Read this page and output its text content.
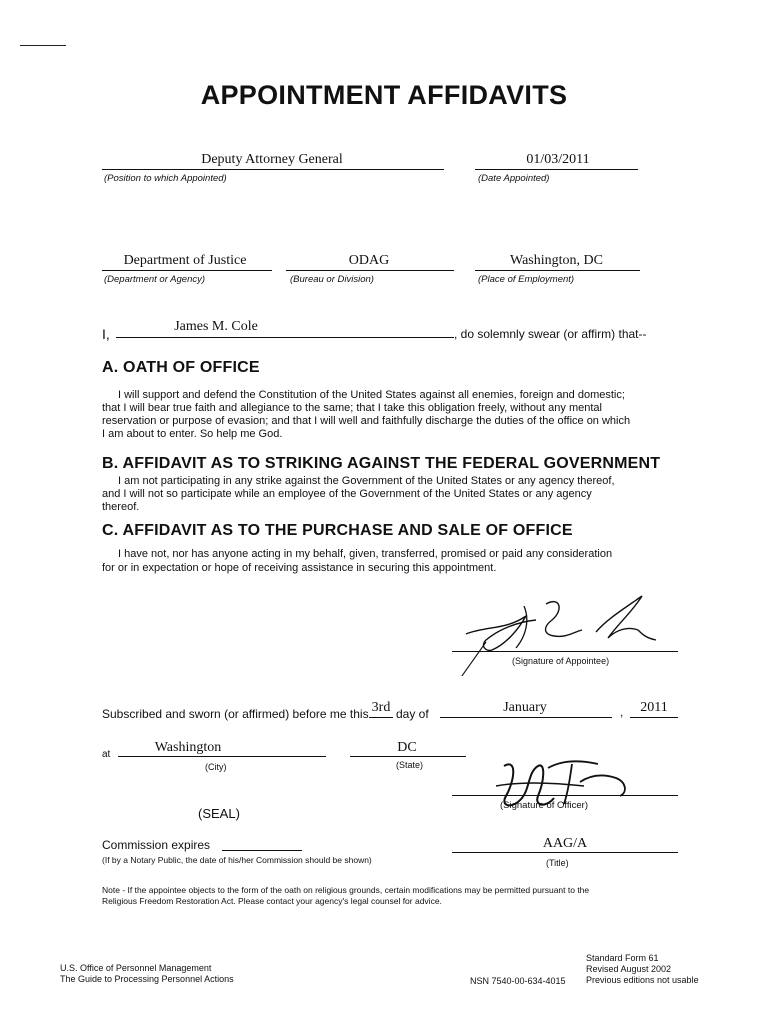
APPOINTMENT AFFIDAVITS
Deputy Attorney General
(Position to which Appointed)
01/03/2011
(Date Appointed)
Department of Justice
(Department or Agency)
ODAG
(Bureau or Division)
Washington, DC
(Place of Employment)
I,	James M. Cole	, do solemnly swear (or affirm) that--
A. OATH OF OFFICE
I will support and defend the Constitution of the United States against all enemies, foreign and domestic;
that I will bear true faith and allegiance to the same; that I take this obligation freely, without any mental
reservation or purpose of evasion; and that I will well and faithfully discharge the duties of the office on which
I am about to enter. So help me God.
B. AFFIDAVIT AS TO STRIKING AGAINST THE FEDERAL GOVERNMENT
I am not participating in any strike against the Government of the United States or any agency thereof,
and I will not so participate while an employee of the Government of the United States or any agency
thereof.
C. AFFIDAVIT AS TO THE PURCHASE AND SALE OF OFFICE
I have not, nor has anyone acting in my behalf, given, transferred, promised or paid any consideration
for or in expectation or hope of receiving assistance in securing this appointment.
(Signature of Appointee)
Subscribed and sworn (or affirmed) before me this 3rd day of	January	,	2011
at	Washington
(City)
DC
(State)
(SEAL)
(Signature of Officer)
Commission expires
(If by a Notary Public, the date of his/her Commission should be shown)
AAG/A
(Title)
Note - If the appointee objects to the form of the oath on religious grounds, certain modifications may be permitted pursuant to the
Religious Freedom Restoration Act. Please contact your agency's legal counsel for advice.
U.S. Office of Personnel Management
The Guide to Processing Personnel Actions	NSN 7540-00-634-4015
Standard Form 61
Revised August 2002
Previous editions not usable
